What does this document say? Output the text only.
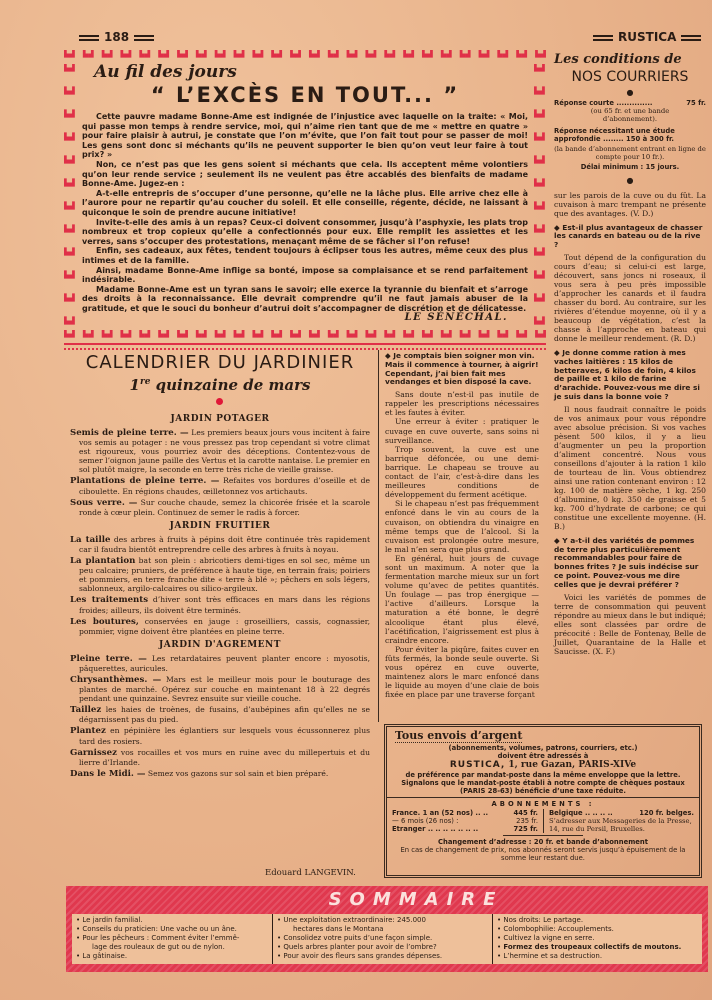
188	RUSTICA
▙▟ ▙▟ ▙▟ ▙▟ ▙▟ ▙▟ ▙▟ ▙▟ ▙▟ ▙▟ ▙▟ ▙▟ ▙▟ ▙▟ ▙▟ ▙▟ ▙▟ ▙▟ ▙▟ ▙▟ ▙▟ ▙▟ ▙▟ ▙▟ ▙▟ ▙▟
▙▟ ▙▟ ▙▟ ▙▟ ▙▟ ▙▟ ▙▟ ▙▟ ▙▟ ▙▟ ▙▟ ▙▟ ▙▟ ▙▟ ▙▟ ▙▟ ▙▟ ▙▟ ▙▟ ▙▟ ▙▟ ▙▟ ▙▟ ▙▟ ▙▟ ▙▟
▙▟
▙▟
▙▟
▙▟
▙▟
▙▟
▙▟
▙▟
▙▟
▙▟
▙▟
▙▟
▙▟
▙▟
▙▟
▙▟
▙▟
▙▟
▙▟
▙▟
▙▟
▙▟
▙▟
▙▟
Au fil des jours
“ L’EXCÈS EN TOUT... ”

Cette pauvre madame Bonne-Ame est indignée de l’injustice avec laquelle on la traite: « Moi, qui passe mon temps à rendre service, moi, qui n’aime rien tant que de me « mettre en quatre » pour faire plaisir à autrui, je constate que l’on m’évite, que l’on fait tout pour se passer de moi! Les gens sont donc si méchants qu’ils ne peuvent supporter le bien qu’on veut leur faire à tout prix? »

Non, ce n’est pas que les gens soient si méchants que cela. Ils acceptent même volontiers qu’on leur rende service ; seulement ils ne veulent pas être accablés des bienfaits de madame Bonne-Ame. Jugez-en :

A-t-elle entrepris de s’occuper d’une personne, qu’elle ne la lâche plus. Elle arrive chez elle à l’aurore pour ne repartir qu’au coucher du soleil. Et elle conseille, régente, décide, ne laissant à quiconque le soin de prendre aucune initiative!

Invite-t-elle des amis à un repas? Ceux-ci doivent consommer, jusqu’à l’asphyxie, les plats trop nombreux et trop copieux qu’elle a confectionnés pour eux. Elle remplit les assiettes et les verres, sans s’occuper des protestations, menaçant même de se fâcher si l’on refuse!

Enfin, ses cadeaux, aux fêtes, tendent toujours à éclipser tous les autres, même ceux des plus intimes et de la famille.

Ainsi, madame Bonne-Ame inflige sa bonté, impose sa complaisance et se rend parfaitement indésirable.

Madame Bonne-Ame est un tyran sans le savoir; elle exerce la tyrannie du bienfait et s’arroge des droits à la reconnaissance. Elle devrait comprendre qu’il ne faut jamais abuser de la gratitude, et que le souci du bonheur d’autrui doit s’accompagner de discrétion et de délicatesse.

LE SÉNÉCHAL.
Les conditions de
NOS COURRIERS
●
Réponse courte ..............	75 fr.
(ou 65 fr. et une bande d’abonnement).
Réponse nécessitant une étude approfondie ........ 150 à 300 fr.
(la bande d’abonnement entrant en ligne de compte pour 10 fr.).
Délai minimum : 15 jours.
●
sur les parois de la cuve ou du fût. La cuvaison à marc trempant ne présente que des avantages. (V. D.)
◆ Est-il plus avantageux de chasser les canards en bateau ou de la rive ?

Tout dépend de la configuration du cours d’eau; si celui-ci est large, découvert, sans joncs ni roseaux, il vous sera à peu près impossible d’approcher les canards et il faudra chasser du bord. Au contraire, sur les rivières d’étendue moyenne, où il y a beaucoup de végétation, c’est la chasse à l’approche en bateau qui donne le meilleur rendement. (R. D.)

◆ Je donne comme ration à mes vaches laitières : 15 kilos de betteraves, 6 kilos de foin, 4 kilos de paille et 1 kilo de farine d’arachide. Pouvez-vous me dire si je suis dans la bonne voie ?

Il nous faudrait connaître le poids de vos animaux pour vous répondre avec absolue précision. Si vos vaches pèsent 500 kilos, il y a lieu d’augmenter un peu la proportion d’aliment concentré. Nous vous conseillons d’ajouter à la ration 1 kilo de tourteau de lin. Vous obtiendrez ainsi une ration contenant environ : 12 kg. 100 de matière sèche, 1 kg. 250 d’albumine, 0 kg. 350 de graisse et 5 kg. 700 d’hydrate de carbone; ce qui constitue une excellente moyenne. (H. B.)

◆ Y a-t-il des variétés de pommes de terre plus particulièrement recommandables pour faire de bonnes frites ? Je suis indécise sur ce point. Pouvez-vous me dire celles que je devrai préférer ?

Voici les variétés de pommes de terre de consommation qui peuvent répondre au mieux dans le but indiqué; elles sont classées par ordre de précocité : Belle de Fontenay, Belle de Juillet, Quarantaine de la Halle et Saucisse. (X. F.)

CALENDRIER DU JARDINIER
1re quinzaine de mars
JARDIN POTAGER
Semis de pleine terre. — Les premiers beaux jours vous incitent à faire vos semis au potager : ne vous pressez pas trop cependant si votre climat est rigoureux, vous pourriez avoir des déceptions. Contentez-vous de semer l’oignon jaune paille des Vertus et la carotte nantaise. Le premier en sol plutôt maigre, la seconde en terre très riche de vieille graisse.
Plantations de pleine terre. — Refaites vos bordures d’oseille et de ciboulette. En régions chaudes, œilletonnez vos artichauts.
Sous verre. — Sur couche chaude, semez la chicorée frisée et la scarole ronde à cœur plein. Continuez de semer le radis à forcer.
JARDIN FRUITIER
La taille des arbres à fruits à pépins doit être continuée très rapidement car il faudra bientôt entreprendre celle des arbres à fruits à noyau.
La plantation bat son plein : abricotiers demi-tiges en sol sec, même un peu calcaire; pruniers, de préférence à haute tige, en terrain frais; poiriers et pommiers, en terre franche dite « terre à blé »; pêchers en sols légers, sablonneux, argilo-calcaires ou silico-argileux.
Les traitements d’hiver sont très efficaces en mars dans les régions froides; ailleurs, ils doivent être terminés.
Les boutures, conservées en jauge : groseilliers, cassis, cognassier, pommier, vigne doivent être plantées en pleine terre.
JARDIN D'AGREMENT
Pleine terre. — Les retardataires peuvent planter encore : myosotis, pâquerettes, auricules.
Chrysanthèmes. — Mars est le meilleur mois pour le bouturage des plantes de marché. Opérez sur couche en maintenant 18 à 22 degrés pendant une quinzaine. Sevrez ensuite sur vieille couche.
Taillez les haies de troènes, de fusains, d’aubépines afin qu’elles ne se dégarnissent pas du pied.
Plantez en pépinière les églantiers sur lesquels vous écussonnerez plus tard des rosiers.
Garnissez vos rocailles et vos murs en ruine avec du millepertuis et du lierre d’Irlande.
Dans le Midi. — Semez vos gazons sur sol sain et bien préparé.
Edouard LANGEVIN.
◆ Je comptais bien soigner mon vin. Mais il commence à tourner, à aigrir! Cependant, j’ai bien fait mes vendanges et bien disposé la cave.

Sans doute n’est-il pas inutile de rappeler les prescriptions nécessaires et les fautes à éviter.

Une erreur à éviter : pratiquer le cuvage en cuve ouverte, sans soins ni surveillance.

Trop souvent, la cuve est une barrique défoncée, ou une demi-barrique. Le chapeau se trouve au contact de l’air, c’est-à-dire dans les meilleures conditions de développement du ferment acétique.

Si le chapeau n’est pas fréquemment enfoncé dans le vin au cours de la cuvaison, on obtiendra du vinaigre en même temps que de l’alcool. Si la cuvaison est prolongée outre mesure, le mal n’en sera que plus grand.

En général, huit jours de cuvage sont un maximum. A noter que la fermentation marche mieux sur un fort volume qu’avec de petites quantités. Un foulage — pas trop énergique — l’active d’ailleurs. Lorsque la maturation a été bonne, le degré alcoolique étant plus élevé, l’acétification, l’aigrissement est plus à craindre encore.

Pour éviter la piqûre, faites cuver en fûts fermés, la bonde seule ouverte. Si vous opérez en cuve ouverte, maintenez alors le marc enfoncé dans le liquide au moyen d’une claie de bois fixée en place par une traverse forçant

Tous envois d’argent
(abonnements, volumes, patrons, courriers, etc.)
doivent être adressés à
RUSTICA, 1, rue Gazan, PARIS-XIVe
de préférence par mandat-poste dans la même enveloppe que la lettre. Signalons que le mandat-poste établi à notre compte de chèques postaux (PARIS 28-63) bénéficie d’une taxe réduite.
ABONNEMENTS :
France. 1 an (52 nos) .. ..	445 fr.
— 6 mois (26 nos) :	235 fr.
Etranger .. .. .. .. .. .. ..	725 fr.
Belgique .. .. .. ..	120 fr. belges.
S’adresser aux Messageries de la Presse, 14, rue du Persil, Bruxelles.
Changement d’adresse : 20 fr. et bande d’abonnement
En cas de changement de prix, nos abonnés seront servis jusqu’à épuisement de la somme leur restant due.
SOMMAIRE
• Le jardin familial.
• Conseils du praticien: Une vache ou un âne.
• Pour les pêcheurs : Comment éviter l’emmê-
lage des rouleaux de gut ou de nylon.
• La gâtinaise.
• Une exploitation extraordinaire: 245.000
hectares dans le Montana
• Consolidez votre puits d’une façon simple.
• Quels arbres planter pour avoir de l’ombre?
• Pour avoir des fleurs sans grandes dépenses.
• Nos droits: Le partage.
• Colombophilie: Accouplements.
• Cultivez la vigne en serre.
• Formez des troupeaux collectifs de moutons.
• L’hermine et sa destruction.
